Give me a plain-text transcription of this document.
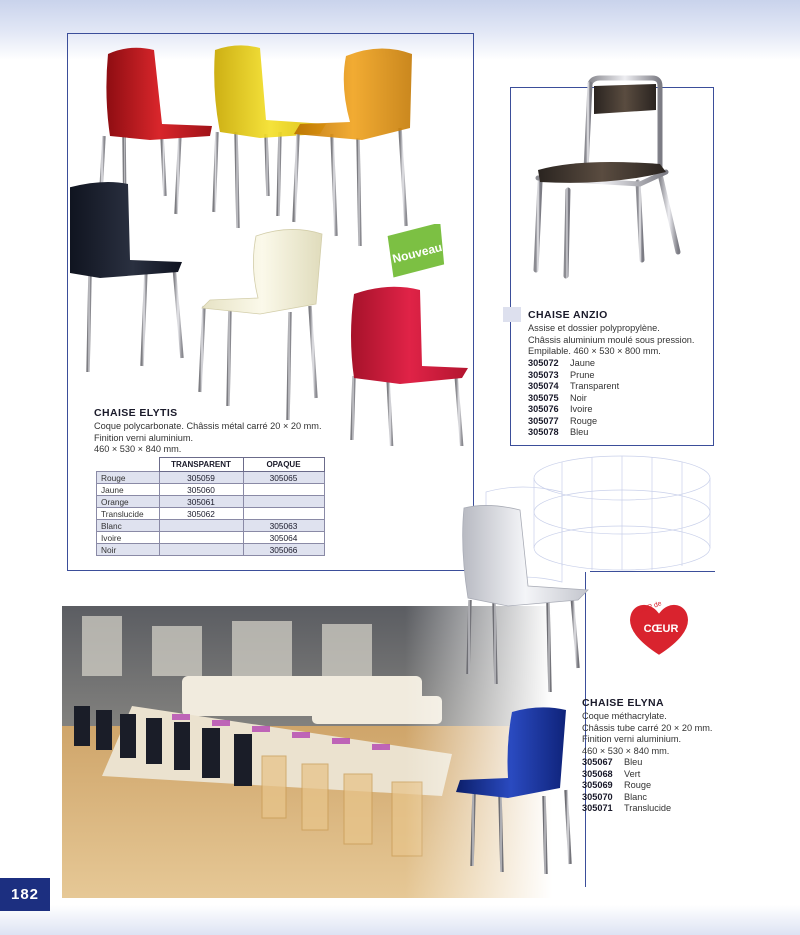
Nouveau
CHAISE ELYTIS
Coque polycarbonate. Châssis métal carré 20 × 20 mm.
Finition verni aluminium.
460 × 530 × 840 mm.
	TRANSPARENT	OPAQUE
Rouge	305059	305065
Jaune	305060	
Orange	305061	
Translucide	305062	
Blanc		305063
Ivoire		305064
Noir		305066
CHAISE ANZIO
Assise et dossier polypropylène.
Châssis aluminium moulé sous pression.
Empilable. 460 × 530 × 800 mm.
305072 Jaune
305073 Prune
305074 Transparent
305075 Noir
305076 Ivoire
305077 Rouge
305078 Bleu
COUP de
CŒUR
CHAISE ELYNA
Coque méthacrylate.
Châssis tube carré 20 × 20 mm.
Finition verni aluminium.
460 × 530 × 840 mm.
305067 Bleu
305068 Vert
305069 Rouge
305070 Blanc
305071 Translucide
182
